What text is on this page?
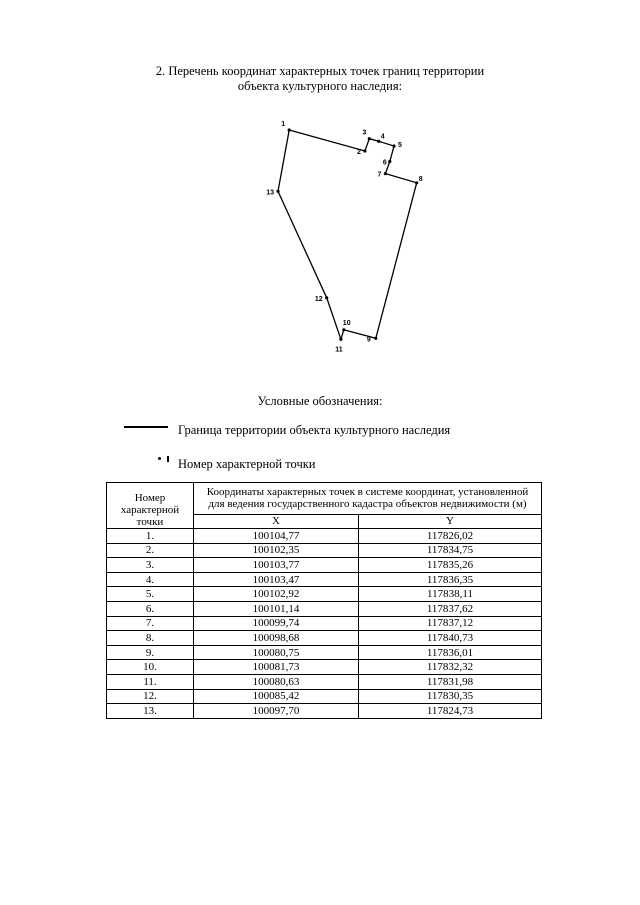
2. Перечень координат характерных точек границ территории
объекта культурного наследия:
1
2
3
4
5
6
7
8
9
10
11
12
13
Условные обозначения:
Граница территории объекта культурного наследия
Номер характерной точки
Номер характерной точки	Координаты характерных точек в системе координат, установленной для ведения государственного кадастра объектов недвижимости (м)	
	X	Y
1.	100104,77	117826,02
2.	100102,35	117834,75
3.	100103,77	117835,26
4.	100103,47	117836,35
5.	100102,92	117838,11
6.	100101,14	117837,62
7.	100099,74	117837,12
8.	100098,68	117840,73
9.	100080,75	117836,01
10.	100081,73	117832,32
11.	100080,63	117831,98
12.	100085,42	117830,35
13.	100097,70	117824,73
